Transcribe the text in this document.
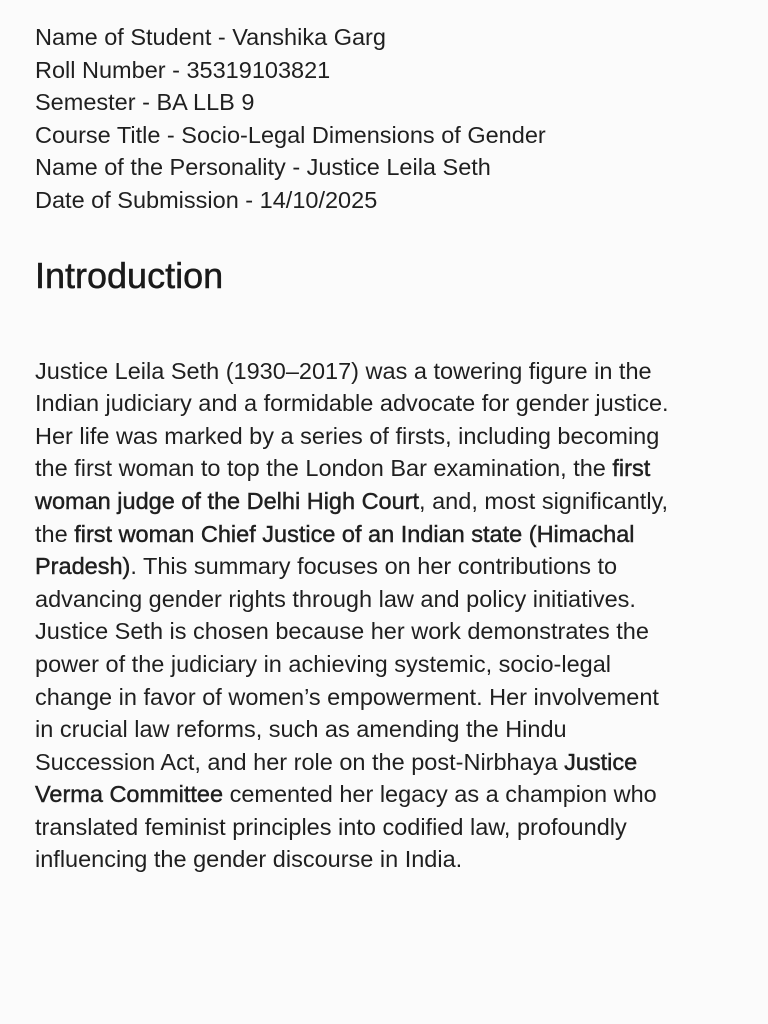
Name of Student - Vanshika Garg
Roll Number - 35319103821
Semester - BA LLB 9
Course Title - Socio-Legal Dimensions of Gender
Name of the Personality - Justice Leila Seth
Date of Submission - 14/10/2025
Introduction
Justice Leila Seth (1930–2017) was a towering figure in the
Indian judiciary and a formidable advocate for gender justice.
Her life was marked by a series of firsts, including becoming
the first woman to top the London Bar examination, the first
woman judge of the Delhi High Court, and, most significantly,
the first woman Chief Justice of an Indian state (Himachal
Pradesh). This summary focuses on her contributions to
advancing gender rights through law and policy initiatives.
Justice Seth is chosen because her work demonstrates the
power of the judiciary in achieving systemic, socio-legal
change in favor of women’s empowerment. Her involvement
in crucial law reforms, such as amending the Hindu
Succession Act, and her role on the post-Nirbhaya Justice
Verma Committee cemented her legacy as a champion who
translated feminist principles into codified law, profoundly
influencing the gender discourse in India.
